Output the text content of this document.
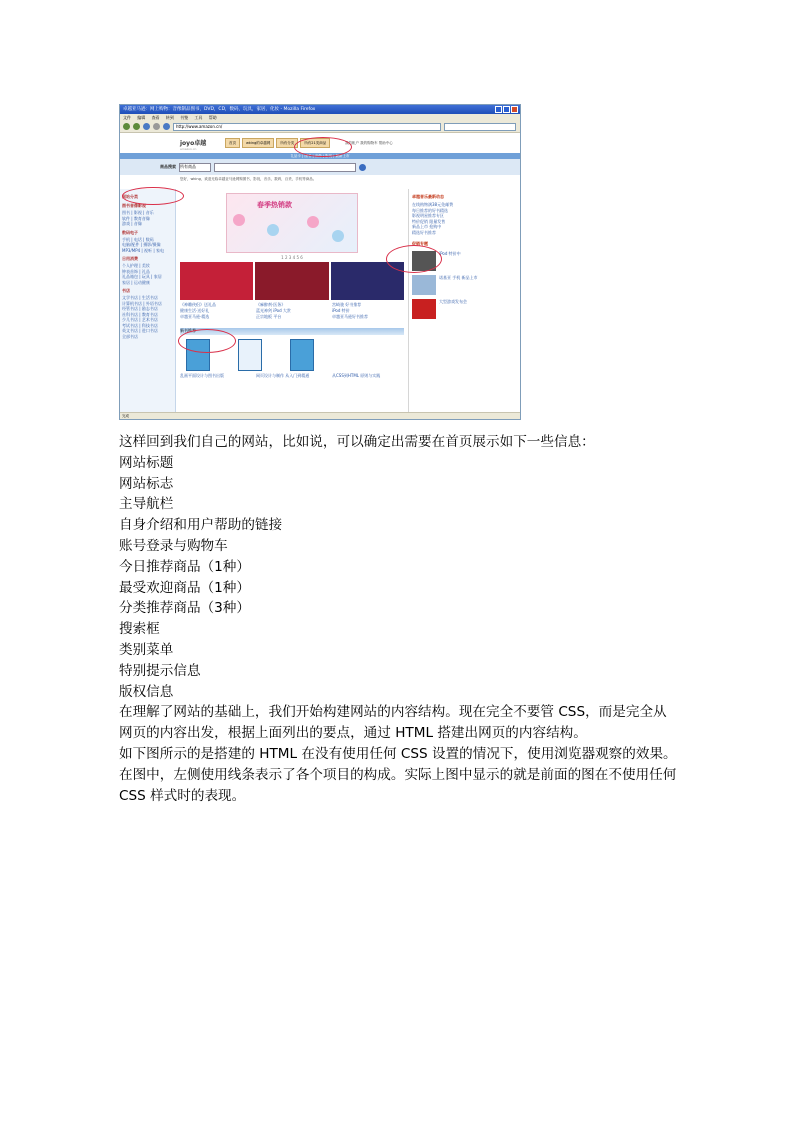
卓越亚马逊：网上购物：音像制品图书，DVD，CD，数码，玩具，家居，化妆 - Mozilla Firefox
文件 编辑 查看 转到 书签 工具 帮助
http://www.amazon.cn/
joyo卓越
amazon.cn
首页	wking的卓越网	所有分类	所有21类商品	我的帐户 我的购物车 帮助中心
礼品卡 | 图书 | 音像 | 影视 | 最新上市
商品搜索 所有商品
您好，wking，欢迎光临卓越亚马逊网购图书，影视，音乐，数码，百货，手机等商品。
网站分类
图书音像影视
图书 | 影视 | 音乐
软件 | 教育音像
游戏 | 音像
数码电子
手机 | 电话 | 数码
电脑/配件 | 摄影/摄像
MP3/MP4 | 视听 | 家电
日用消费
个人护理 | 美妆
钟表首饰 | 礼品
礼品箱包 | 玩具 | 家居
家居 | 运动健康
书店
文学书店 | 生活书店
计算机书店 | 外语书店
经管书店 | 励志书店
社科书店 | 教育书店
少儿书店 | 艺术书店
考试书店 | 科技书店
英文书店 | 进口书店
全部书店
春季热销款
1 2 3 4 5 6
《神雕侠侣》送礼品	《麻醉剂·医务》	宫崎骏 好书推荐
健康生活·送好礼	蓝光神剑 iPod 大赏	iPod 特价
卓越亚马逊·精选	正宗地板 平台	卓越亚马逊好书推荐
新书推荐
乱画平面设计与图书出版	网页设计与制作 从入门到精通	从CSS到HTML 原则与实践
卓越音乐最新动态
在线购物满38元免邮费
每日推荐的好书精选
影视明星推荐专区
特价促销 限量发售
新品上市 抢购中
精选好书推荐
促销专题
iPod 特价中
诺基亚 手机 新品上市
大型游戏发布会
完成

这样回到我们自己的网站，比如说，可以确定出需要在首页展示如下一些信息：

网站标题

网站标志

主导航栏

自身介绍和用户帮助的链接

账号登录与购物车

今日推荐商品（1种）

最受欢迎商品（1种）

分类推荐商品（3种）

搜索框

类别菜单

特别提示信息

版权信息

在理解了网站的基础上，我们开始构建网站的内容结构。现在完全不要管 CSS，而是完全从网页的内容出发，根据上面列出的要点，通过 HTML 搭建出网页的内容结构。

如下图所示的是搭建的 HTML 在没有使用任何 CSS 设置的情况下，使用浏览器观察的效果。在图中，左侧使用线条表示了各个项目的构成。实际上图中显示的就是前面的图在不使用任何 CSS 样式时的表现。
